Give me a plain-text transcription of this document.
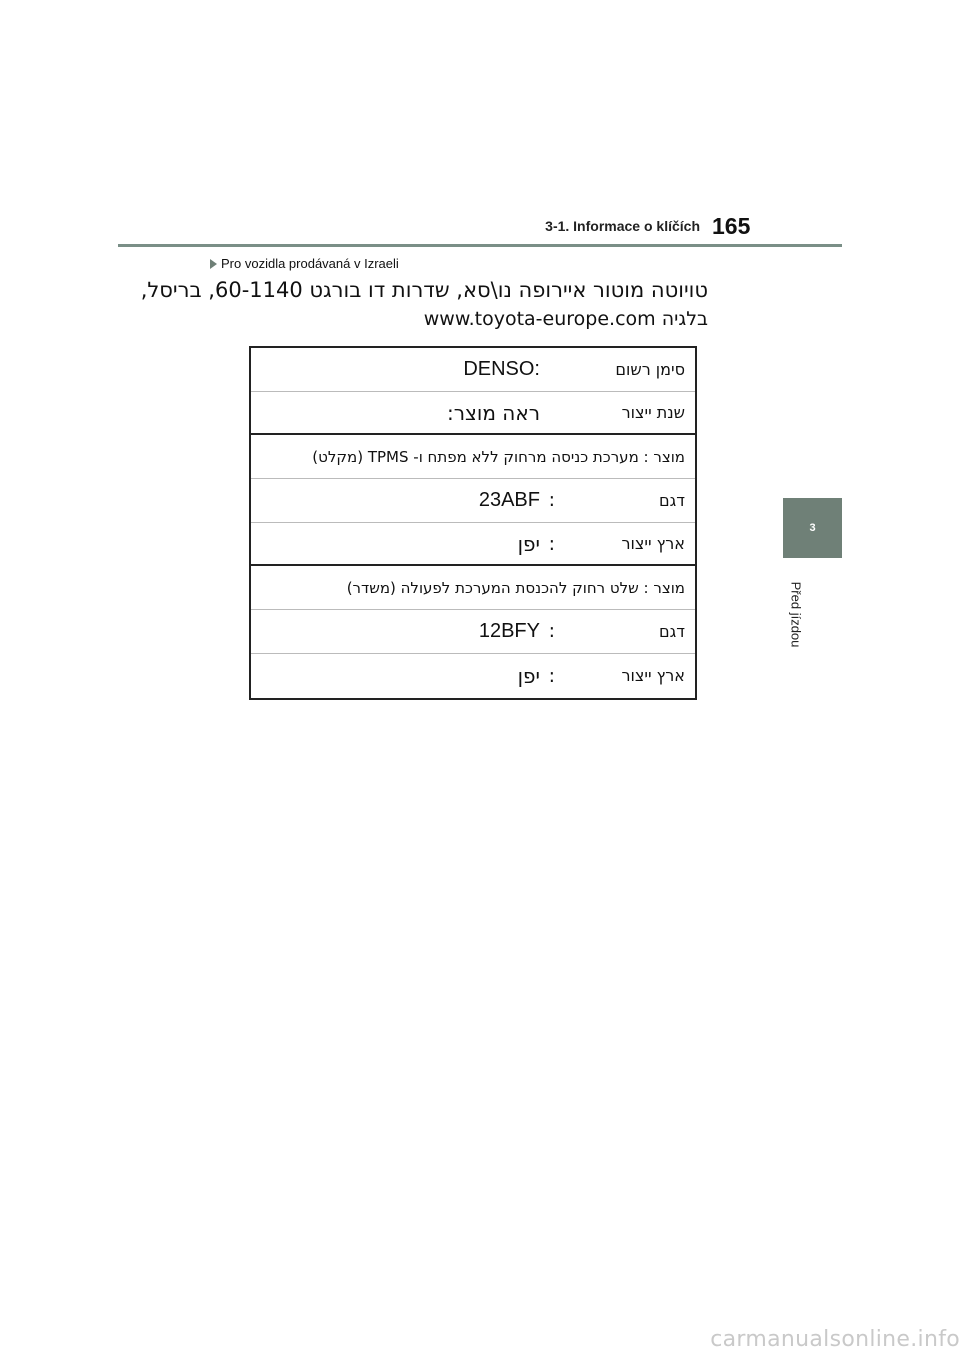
3-1. Informace o klíčích 165
3
Před jízdou
Pro vozidla prodávaná v Izraeli
טויוטה מוטור איירופה נו\סא, שדרות דו בורגט 60-1140, בריסל,
בלגיה www.toyota-europe.com
סימן רשום
DENSO:
שנת ייצור
ראה מוצר:
מוצר : מערכת כניסה מרחוק ללא מפתח ו- TPMS (מקלט)
דגם
:
23ABF
ארץ ייצור
:
יפן
מוצר : שלט רחוק להכנסת המערכת לפעולה (משדר)
דגם
:
12BFY
ארץ ייצור
:
יפן
carmanualsonline.info
